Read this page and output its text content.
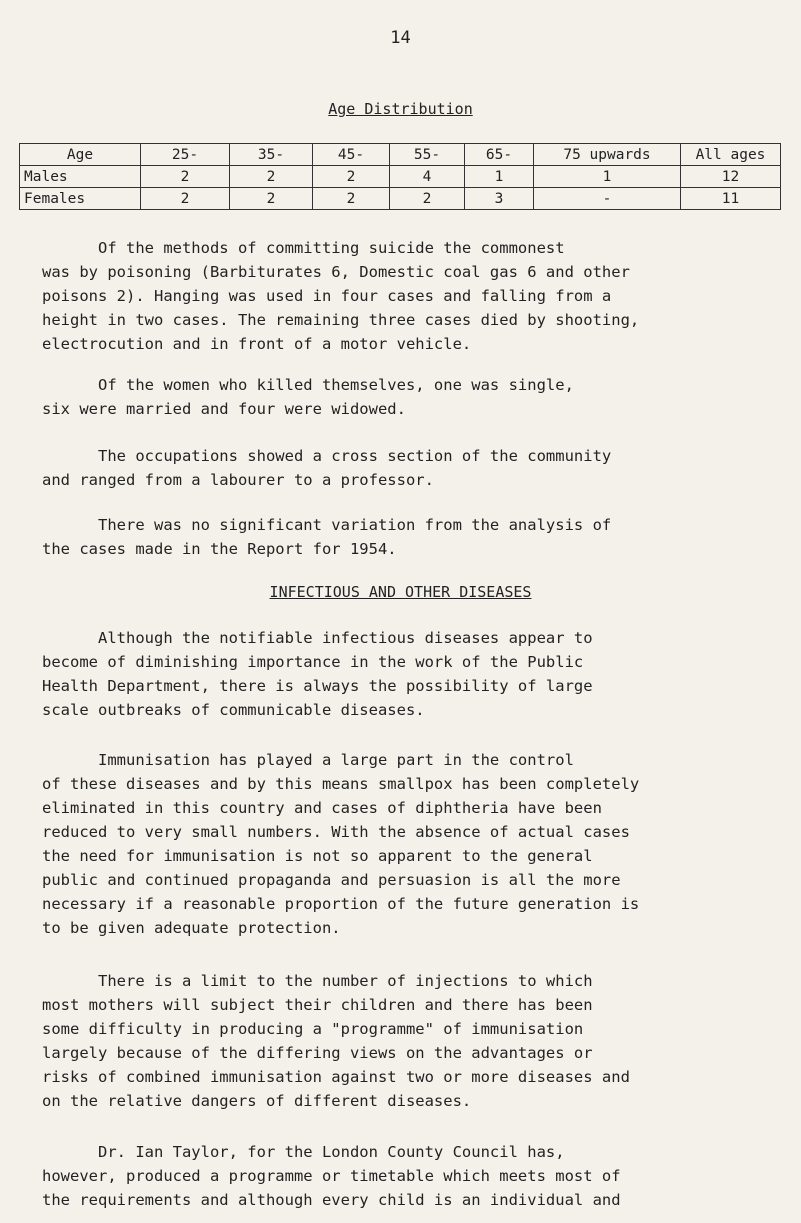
14
Age Distribution
Age	25-	35-	45-	55-	65-	75 upwards	All ages
Males	2	2	2	4	1	1	12
Females	2	2	2	2	3	-	11

Of the methods of committing suicide the commonest
was by poisoning (Barbiturates 6, Domestic coal gas 6 and other
poisons 2). Hanging was used in four cases and falling from a
height in two cases. The remaining three cases died by shooting,
electrocution and in front of a motor vehicle.

Of the women who killed themselves, one was single,
six were married and four were widowed.

The occupations showed a cross section of the community
and ranged from a labourer to a professor.

There was no significant variation from the analysis of
the cases made in the Report for 1954.

INFECTIOUS AND OTHER DISEASES

Although the notifiable infectious diseases appear to
become of diminishing importance in the work of the Public
Health Department, there is always the possibility of large
scale outbreaks of communicable diseases.

Immunisation has played a large part in the control
of these diseases and by this means smallpox has been completely
eliminated in this country and cases of diphtheria have been
reduced to very small numbers. With the absence of actual cases
the need for immunisation is not so apparent to the general
public and continued propaganda and persuasion is all the more
necessary if a reasonable proportion of the future generation is
to be given adequate protection.

There is a limit to the number of injections to which
most mothers will subject their children and there has been
some difficulty in producing a "programme" of immunisation
largely because of the differing views on the advantages or
risks of combined immunisation against two or more diseases and
on the relative dangers of different diseases.

Dr. Ian Taylor, for the London County Council has,
however, produced a programme or timetable which meets most of
the requirements and although every child is an individual and
